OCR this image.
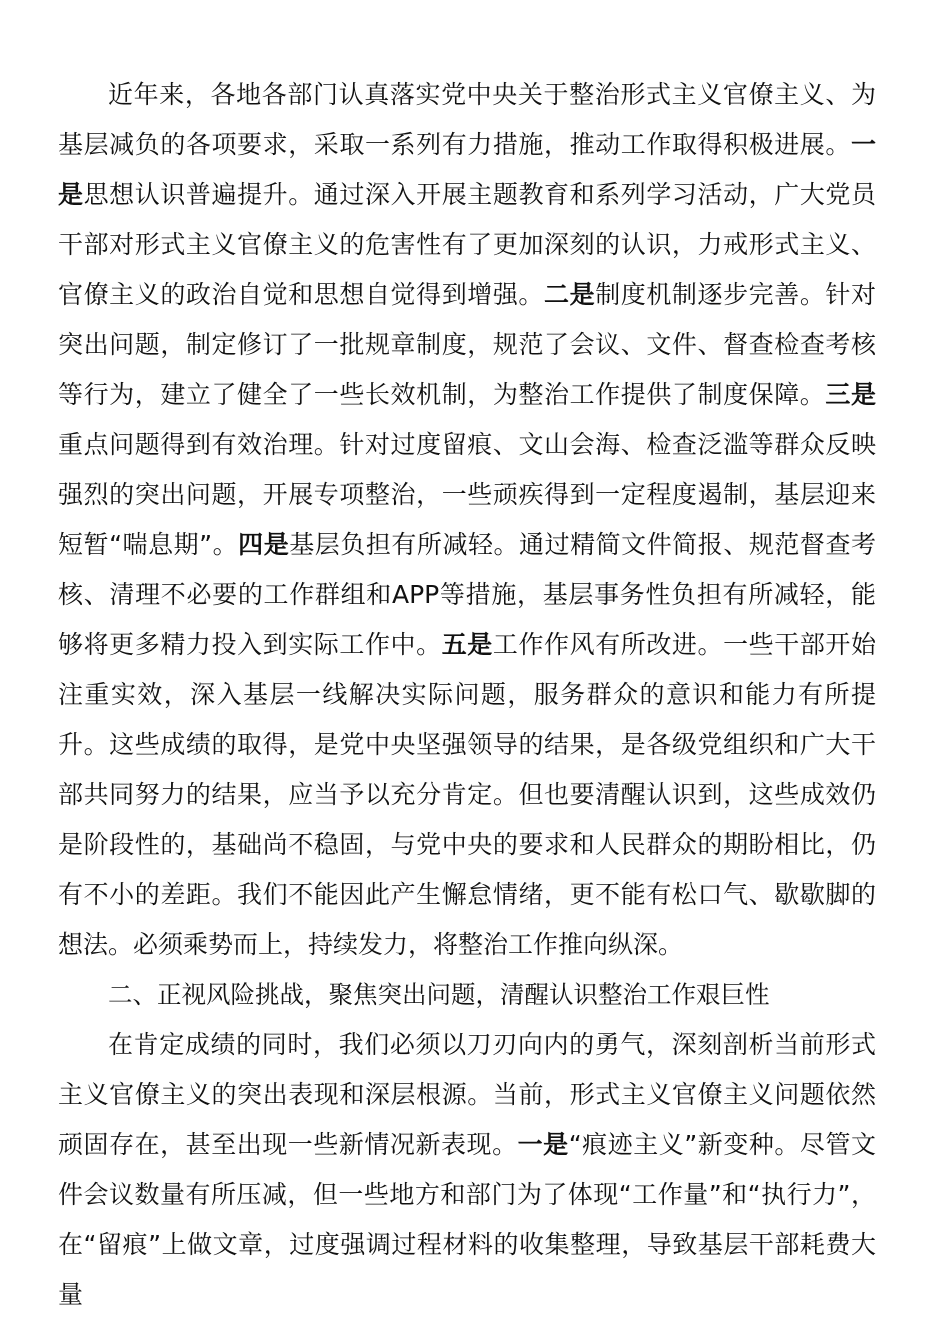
近年来，各地各部门认真落实党中央关于整治形式主义官僚主义、为基层减负的各项要求，采取一系列有力措施，推动工作取得积极进展。一是思想认识普遍提升。通过深入开展主题教育和系列学习活动，广大党员干部对形式主义官僚主义的危害性有了更加深刻的认识，力戒形式主义、官僚主义的政治自觉和思想自觉得到增强。二是制度机制逐步完善。针对突出问题，制定修订了一批规章制度，规范了会议、文件、督查检查考核等行为，建立了健全了一些长效机制，为整治工作提供了制度保障。三是重点问题得到有效治理。针对过度留痕、文山会海、检查泛滥等群众反映强烈的突出问题，开展专项整治，一些顽疾得到一定程度遏制，基层迎来短暂“喘息期”。四是基层负担有所减轻。通过精简文件简报、规范督查考核、清理不必要的工作群组和APP等措施，基层事务性负担有所减轻，能够将更多精力投入到实际工作中。五是工作作风有所改进。一些干部开始注重实效，深入基层一线解决实际问题，服务群众的意识和能力有所提升。这些成绩的取得，是党中央坚强领导的结果，是各级党组织和广大干部共同努力的结果，应当予以充分肯定。但也要清醒认识到，这些成效仍是阶段性的，基础尚不稳固，与党中央的要求和人民群众的期盼相比，仍有不小的差距。我们不能因此产生懈怠情绪，更不能有松口气、歇歇脚的想法。必须乘势而上，持续发力，将整治工作推向纵深。

二、正视风险挑战，聚焦突出问题，清醒认识整治工作艰巨性

在肯定成绩的同时，我们必须以刀刃向内的勇气，深刻剖析当前形式主义官僚主义的突出表现和深层根源。当前，形式主义官僚主义问题依然顽固存在，甚至出现一些新情况新表现。一是“痕迹主义”新变种。尽管文件会议数量有所压减，但一些地方和部门为了体现“工作量”和“执行力”，在“留痕”上做文章，过度强调过程材料的收集整理，导致基层干部耗费大量
